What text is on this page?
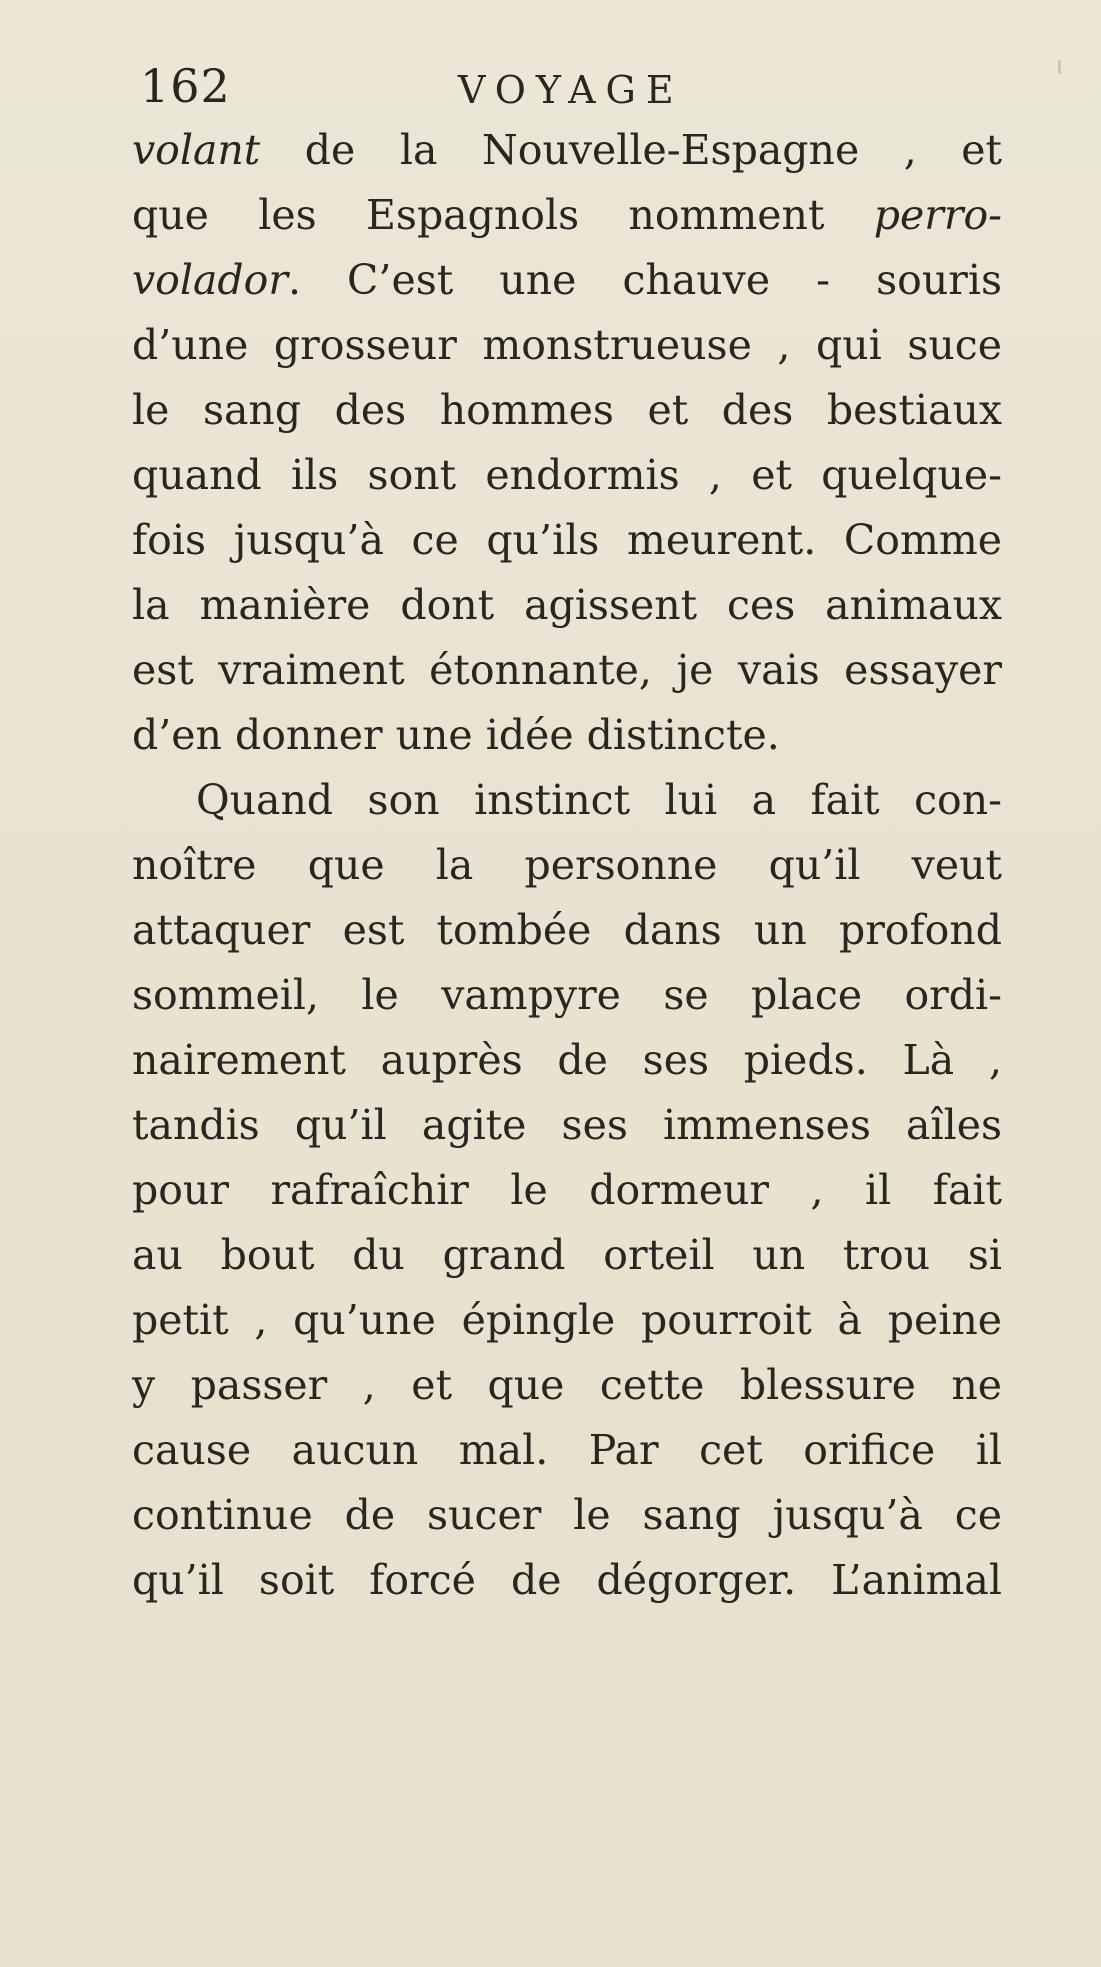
162	VOYAGE
volant de la Nouvelle-Espagne , et
que les Espagnols nomment perro-
volador. C’est une chauve - souris
d’une grosseur monstrueuse , qui suce
le sang des hommes et des bestiaux
quand ils sont endormis , et quelque-
fois jusqu’à ce qu’ils meurent. Comme
la manière dont agissent ces animaux
est vraiment étonnante, je vais essayer
d’en donner une idée distincte.
Quand son instinct lui a fait con-
noître que la personne qu’il veut
attaquer est tombée dans un profond
sommeil, le vampyre se place ordi-
nairement auprès de ses pieds. Là ,
tandis qu’il agite ses immenses aîles
pour rafraîchir le dormeur , il fait
au bout du grand orteil un trou si
petit , qu’une épingle pourroit à peine
y passer , et que cette blessure ne
cause aucun mal. Par cet orifice il
continue de sucer le sang jusqu’à ce
qu’il soit forcé de dégorger. L’animal
